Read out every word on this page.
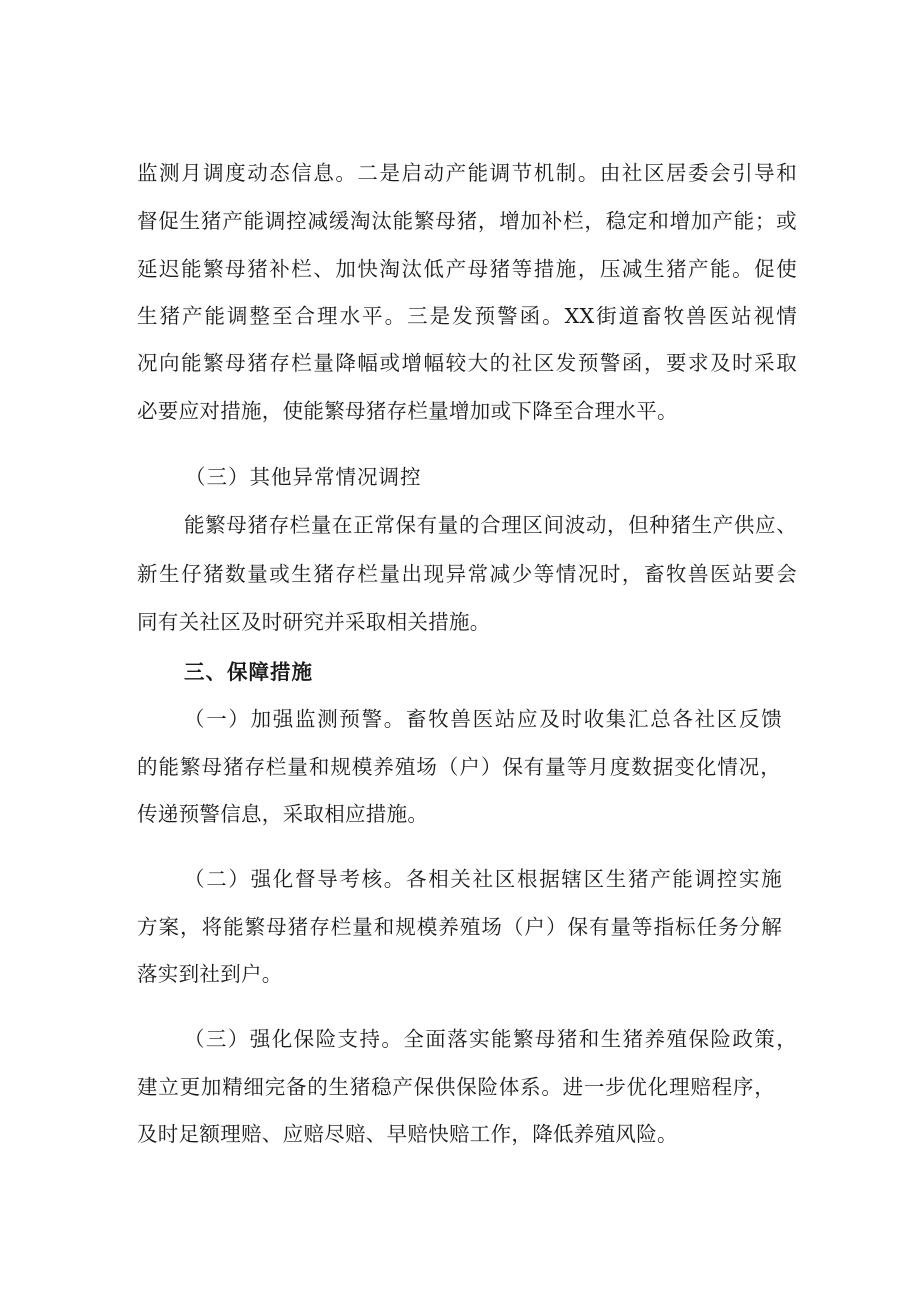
监测月调度动态信息。二是启动产能调节机制。由社区居委会引导和
督促生猪产能调控减缓淘汰能繁母猪，增加补栏，稳定和增加产能；或
延迟能繁母猪补栏、加快淘汰低产母猪等措施，压减生猪产能。促使
生猪产能调整至合理水平。三是发预警函。XX街道畜牧兽医站视情
况向能繁母猪存栏量降幅或增幅较大的社区发预警函，要求及时采取
必要应对措施，使能繁母猪存栏量增加或下降至合理水平。
（三）其他异常情况调控
能繁母猪存栏量在正常保有量的合理区间波动，但种猪生产供应、
新生仔猪数量或生猪存栏量出现异常减少等情况时，畜牧兽医站要会
同有关社区及时研究并采取相关措施。
三、保障措施
（一）加强监测预警。畜牧兽医站应及时收集汇总各社区反馈
的能繁母猪存栏量和规模养殖场（户）保有量等月度数据变化情况，
传递预警信息，采取相应措施。
（二）强化督导考核。各相关社区根据辖区生猪产能调控实施
方案，将能繁母猪存栏量和规模养殖场（户）保有量等指标任务分解
落实到社到户。
（三）强化保险支持。全面落实能繁母猪和生猪养殖保险政策，
建立更加精细完备的生猪稳产保供保险体系。进一步优化理赔程序，
及时足额理赔、应赔尽赔、早赔快赔工作，降低养殖风险。
